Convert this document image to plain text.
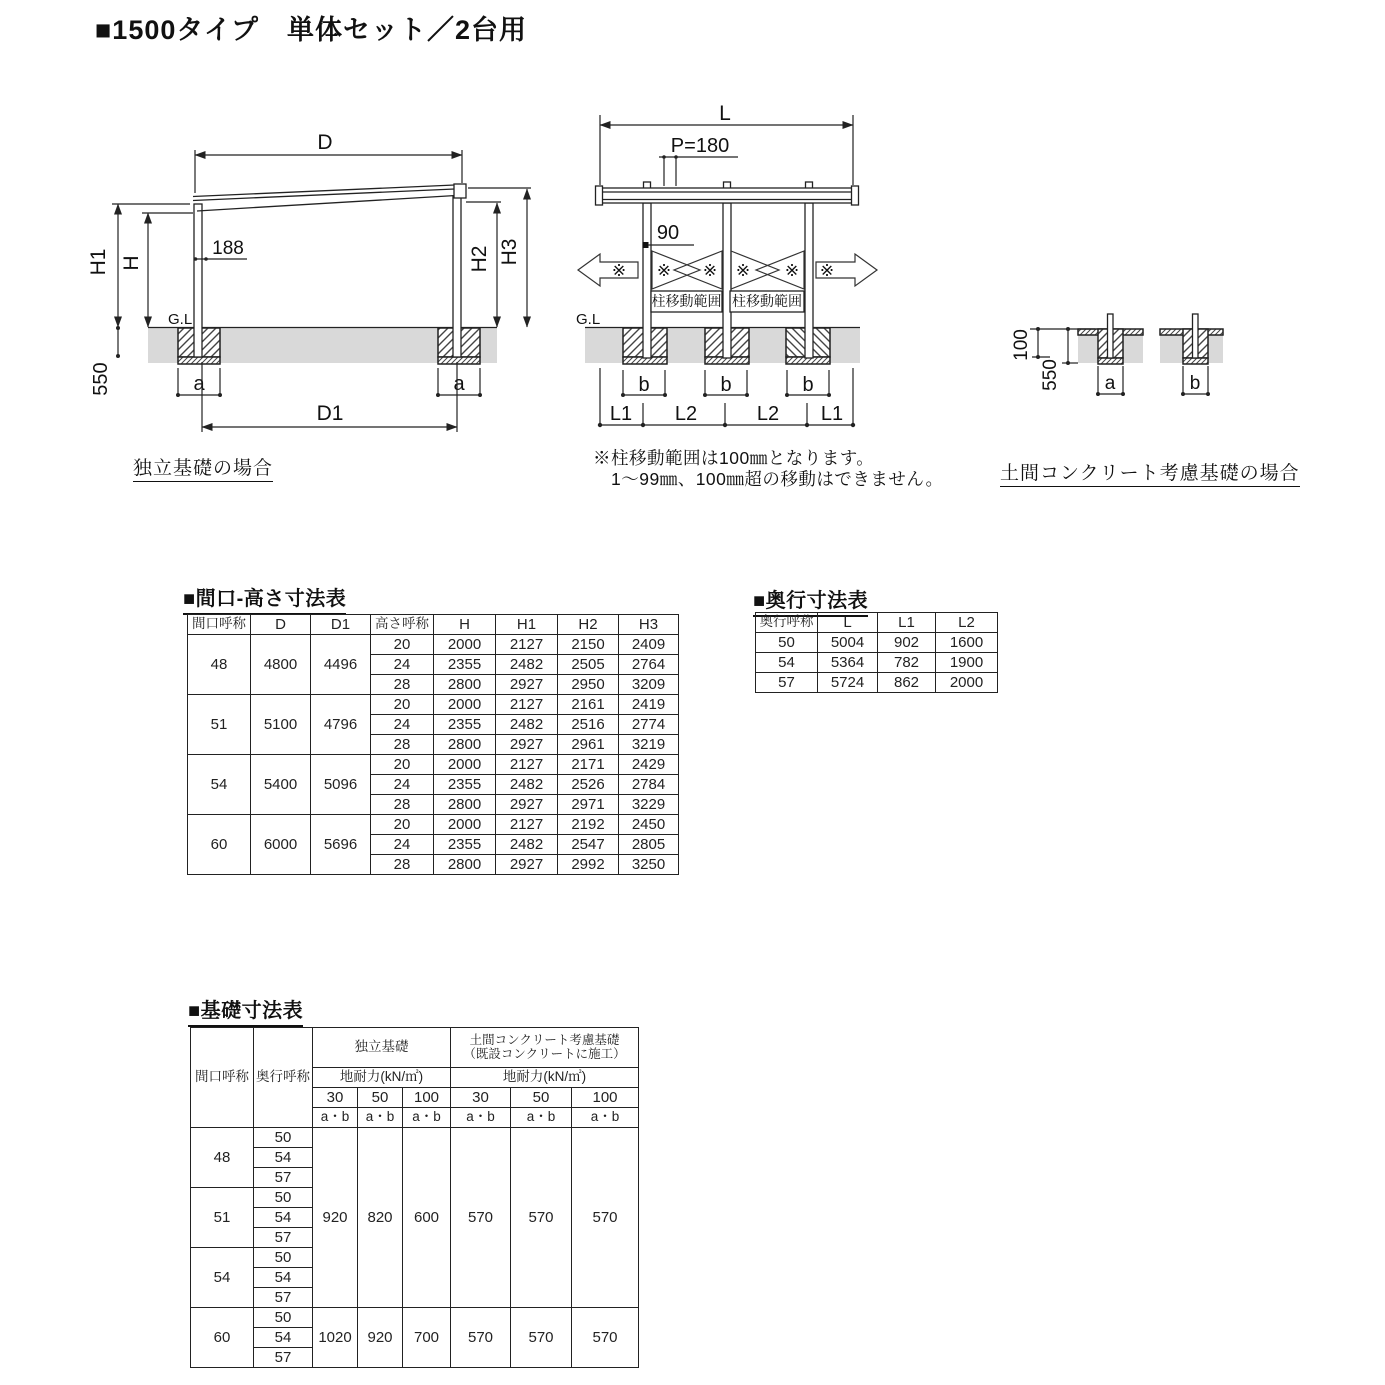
■1500タイプ　単体セット／2台用
D
H1 H
188
G.L
550	a	a
D1
H2 H3
L
P=180
90
※ ※ ※ ※ ※ ※
柱移動範囲 柱移動範囲
G.L
b	b	b
L1 L2	L2 L1
100
550 a	b
独立基礎の場合	※柱移動範囲は100㎜となります。
1〜99㎜、100㎜超の移動はできません。	土間コンクリート考慮基礎の場合
■間口-高さ寸法表
間口呼称	D	D1	高さ呼称	H	H1	H2	H3
48	4800	4496	20	2000	2127	2150	2409
			24	2355	2482	2505	2764
			28	2800	2927	2950	3209
51	5100	4796	20	2000	2127	2161	2419
			24	2355	2482	2516	2774
			28	2800	2927	2961	3219
54	5400	5096	20	2000	2127	2171	2429
			24	2355	2482	2526	2784
			28	2800	2927	2971	3229
60	6000	5696	20	2000	2127	2192	2450
			24	2355	2482	2547	2805
			28	2800	2927	2992	3250
■奥行寸法表
奥行呼称	L	L1	L2
50	5004	902	1600
54	5364	782	1900
57	5724	862	2000
■基礎寸法表
間口呼称	奥行呼称	独立基礎			土間コンクリート考慮基礎
（既設コンクリートに施工）		

		地耐力(kN/㎡)			地耐力(kN/㎡)		
		30	50	100	30	50	100
		a・b	a・b	a・b	a・b	a・b	a・b
48	50	920	820	600	570	570	570
	54						
	57						
51	50						
	54						
	57						
54	50						
	54						
	57						
60	50	1020	920	700	570	570	570
	54						
	57						
